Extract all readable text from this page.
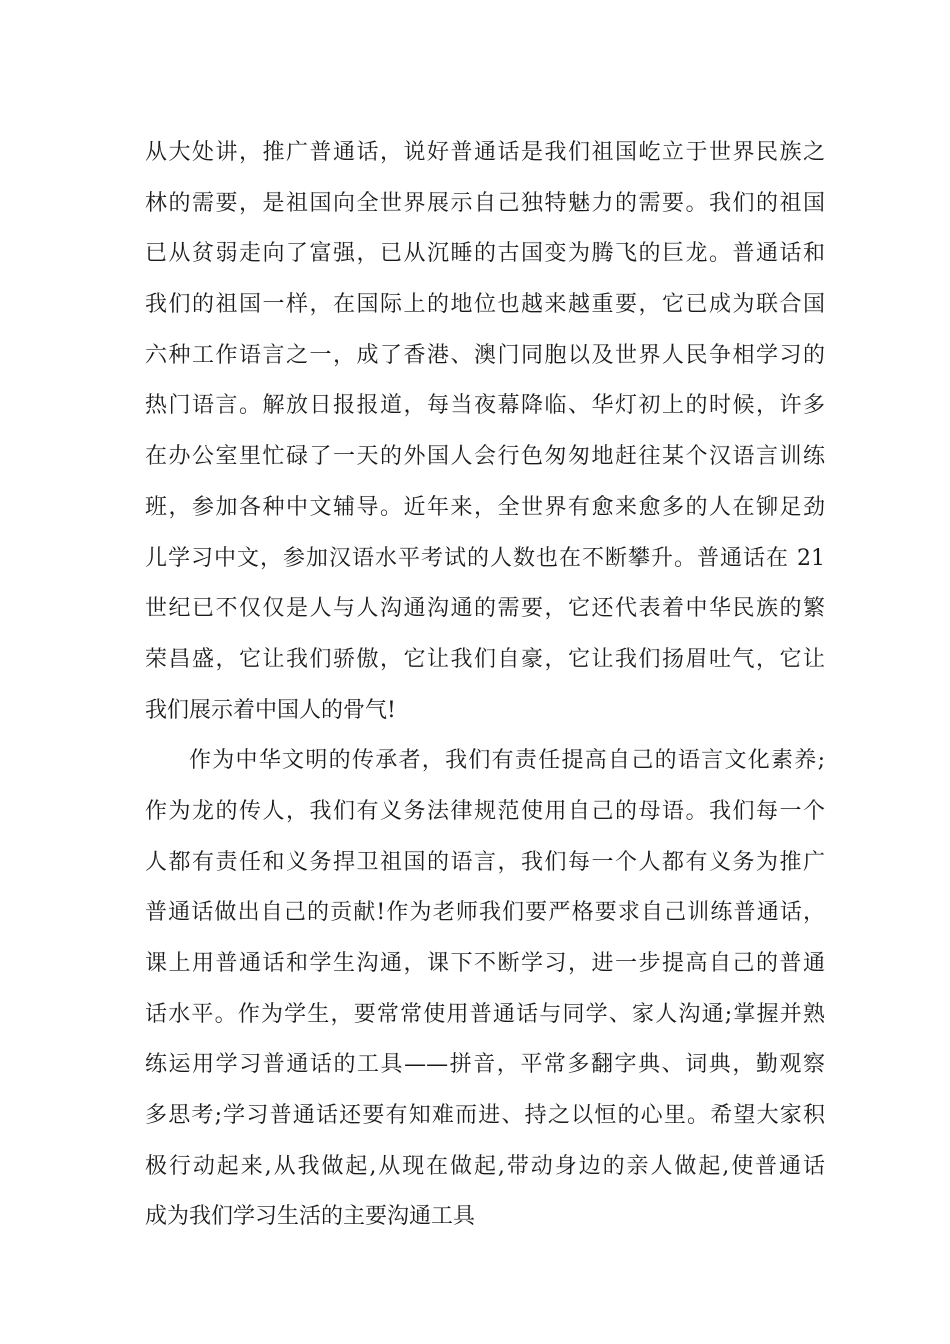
从大处讲，推广普通话，说好普通话是我们祖国屹立于世界民族之
林的需要，是祖国向全世界展示自己独特魅力的需要。我们的祖国
已从贫弱走向了富强，已从沉睡的古国变为腾飞的巨龙。普通话和
我们的祖国一样，在国际上的地位也越来越重要，它已成为联合国
六种工作语言之一，成了香港、澳门同胞以及世界人民争相学习的
热门语言。解放日报报道，每当夜幕降临、华灯初上的时候，许多
在办公室里忙碌了一天的外国人会行色匆匆地赶往某个汉语言训练
班，参加各种中文辅导。近年来，全世界有愈来愈多的人在铆足劲
儿学习中文，参加汉语水平考试的人数也在不断攀升。普通话在 21
世纪已不仅仅是人与人沟通沟通的需要，它还代表着中华民族的繁
荣昌盛，它让我们骄傲，它让我们自豪，它让我们扬眉吐气，它让
我们展示着中国人的骨气!
作为中华文明的传承者，我们有责任提高自己的语言文化素养;
作为龙的传人，我们有义务法律规范使用自己的母语。我们每一个
人都有责任和义务捍卫祖国的语言，我们每一个人都有义务为推广
普通话做出自己的贡献!作为老师我们要严格要求自己训练普通话，
课上用普通话和学生沟通，课下不断学习，进一步提高自己的普通
话水平。作为学生，要常常使用普通话与同学、家人沟通;掌握并熟
练运用学习普通话的工具——拼音，平常多翻字典、词典，勤观察
多思考;学习普通话还要有知难而进、持之以恒的心里。希望大家积
极行动起来,从我做起,从现在做起,带动身边的亲人做起,使普通话
成为我们学习生活的主要沟通工具
